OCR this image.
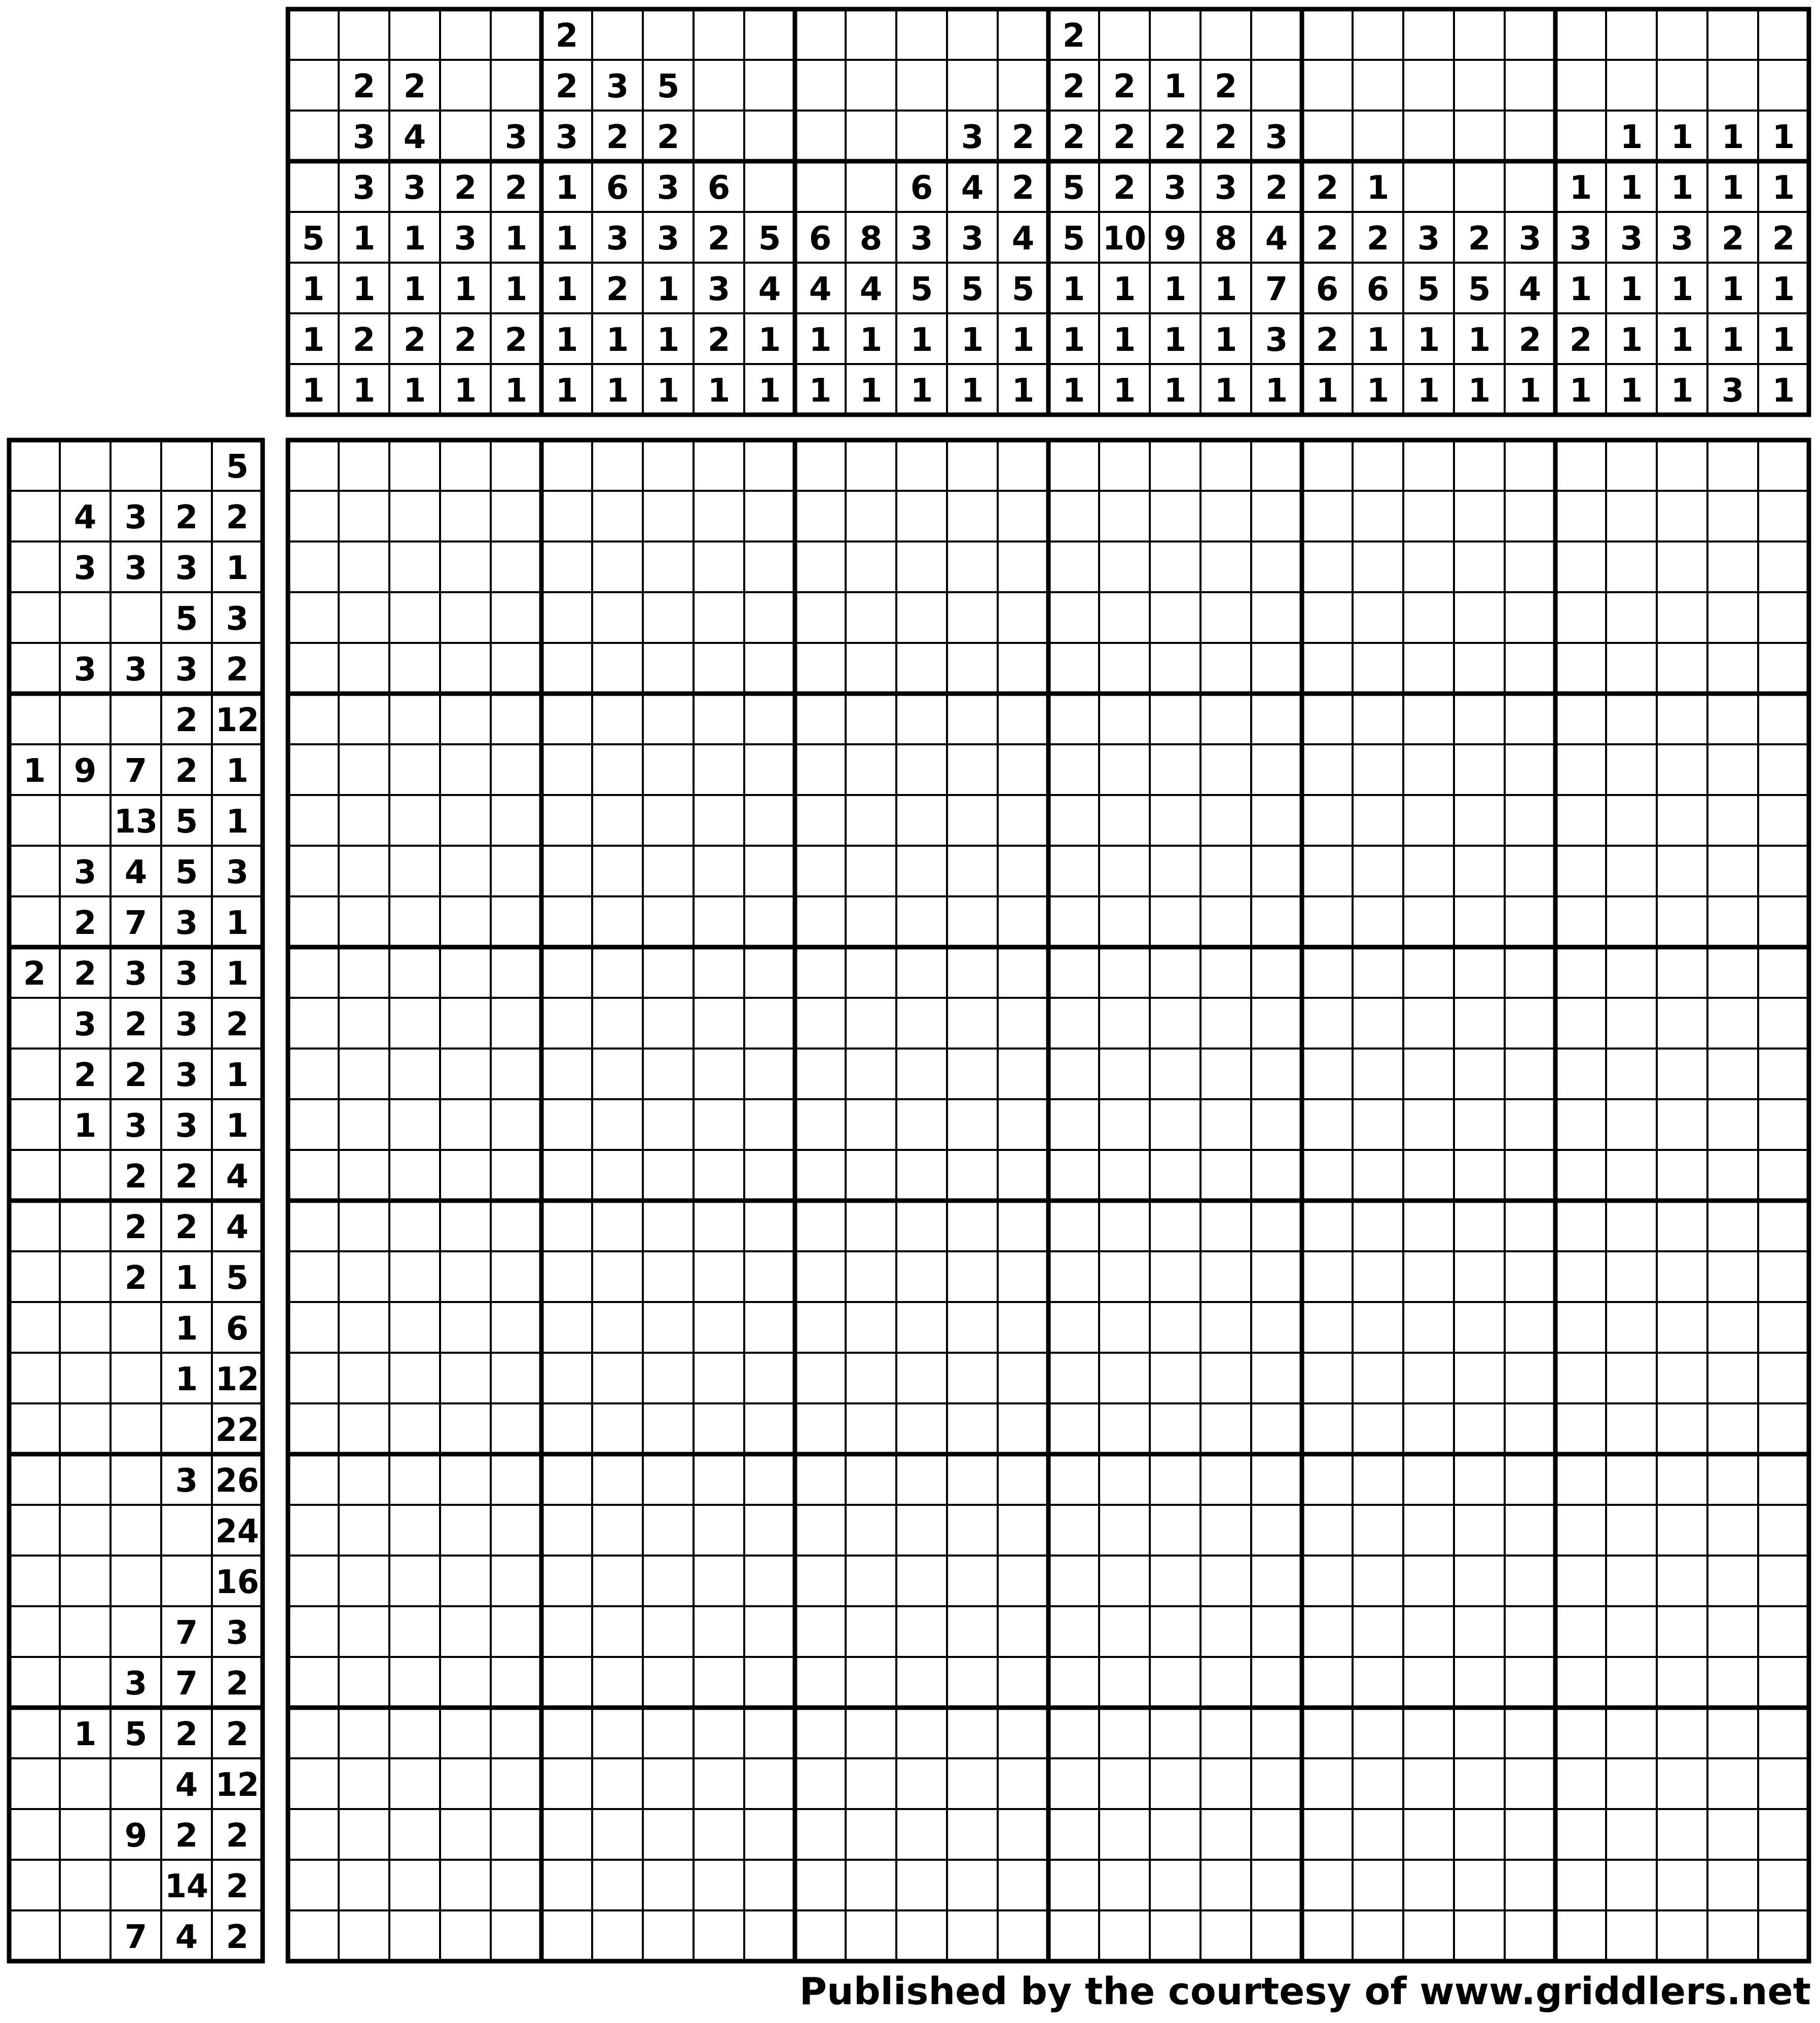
5
1
1
1
2
3
3
1
1
2
1
2
4
3
1
1
2
1
2
3
1
2
1
3
2
1
1
2
1
2
2
3
1
1
1
1
1
3
2
6
3
2
1
1
5
2
3
3
1
1
1
6
2
3
2
1
5
4
1
1
6
4
1
1
8
4
1
1
6
3
5
1
1
3
4
3
5
1
1
2
2
4
5
1
1
2
2
2
5
5
1
1
1
2
2
2
10
1
1
1
1
2
3
9
1
1
1
2
2
3
8
1
1
1
3
2
4
7
3
1
2
2
6
2
1
1
2
6
1
1
3
5
1
1
2
5
1
1
3
4
2
1
1
3
1
2
1
1
1
3
1
1
1
1
1
3
1
1
1
1
1
2
1
1
3
1
1
2
1
1
1
5
4 3 2 2
3 3 3 1
5 3
3 3 3 2
2 12
1 9 7 2 1
13 5 1
3 4 5 3
2 7 3 1
2 2 3 3 1
3 2 3 2
2 2 3 1
1 3 3 1
2 2 4
2 2 4
2 1 5
1 6
1 12
22
3 26
24
16
7 3
3 7 2
1 5 2 2
4 12
9 2 2
14 2
7 4 2
Published by the courtesy of www.griddlers.net
